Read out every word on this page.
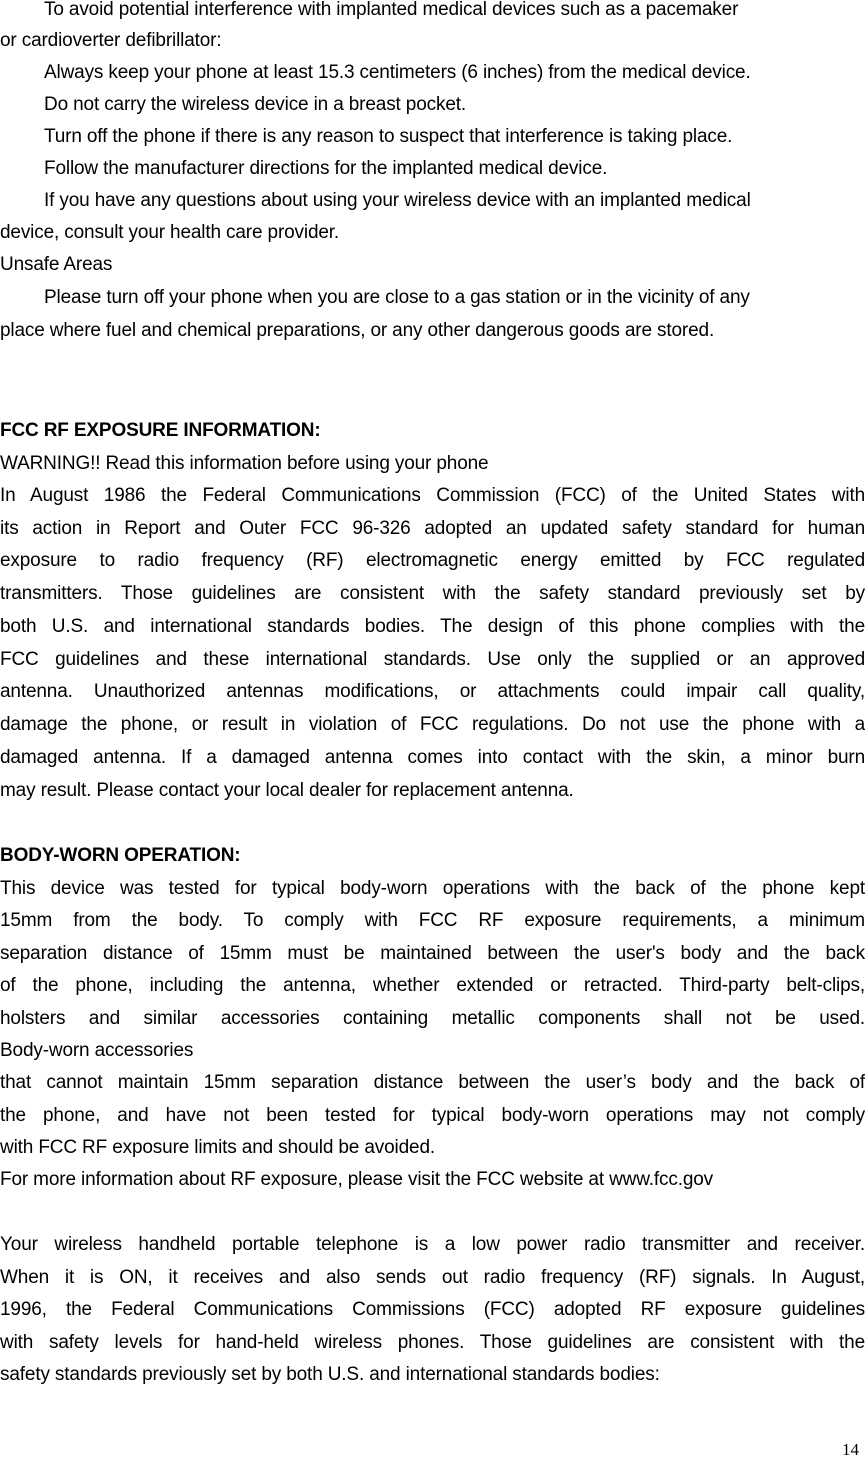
To avoid potential interference with implanted medical devices such as a pacemaker
or cardioverter defibrillator:
Always keep your phone at least 15.3 centimeters (6 inches) from the medical device.
Do not carry the wireless device in a breast pocket.
Turn off the phone if there is any reason to suspect that interference is taking place.
Follow the manufacturer directions for the implanted medical device.
If you have any questions about using your wireless device with an implanted medical
device, consult your health care provider.
Unsafe Areas
Please turn off your phone when you are close to a gas station or in the vicinity of any
place where fuel and chemical preparations, or any other dangerous goods are stored.
FCC RF EXPOSURE INFORMATION:
WARNING!! Read this information before using your phone
In August 1986 the Federal Communications Commission (FCC) of the United States with
its action in Report and Outer FCC 96-326 adopted an updated safety standard for human
exposure to radio frequency (RF) electromagnetic energy emitted by FCC regulated
transmitters. Those guidelines are consistent with the safety standard previously set by
both U.S. and international standards bodies. The design of this phone complies with the
FCC guidelines and these international standards. Use only the supplied or an approved
antenna. Unauthorized antennas modifications, or attachments could impair call quality,
damage the phone, or result in violation of FCC regulations. Do not use the phone with a
damaged antenna. If a damaged antenna comes into contact with the skin, a minor burn
may result. Please contact your local dealer for replacement antenna.
BODY-WORN OPERATION:
This device was tested for typical body-worn operations with the back of the phone kept
15mm from the body. To comply with FCC RF exposure requirements, a minimum
separation distance of 15mm must be maintained between the user's body and the back
of the phone, including the antenna, whether extended or retracted. Third-party belt-clips,
holsters and similar accessories containing metallic components shall not be used.
Body-worn accessories
that cannot maintain 15mm separation distance between the user’s body and the back of
the phone, and have not been tested for typical body-worn operations may not comply
with FCC RF exposure limits and should be avoided.
For more information about RF exposure, please visit the FCC website at www.fcc.gov
Your wireless handheld portable telephone is a low power radio transmitter and receiver.
When it is ON, it receives and also sends out radio frequency (RF) signals. In August,
1996, the Federal Communications Commissions (FCC) adopted RF exposure guidelines
with safety levels for hand-held wireless phones. Those guidelines are consistent with the
safety standards previously set by both U.S. and international standards bodies:
14
